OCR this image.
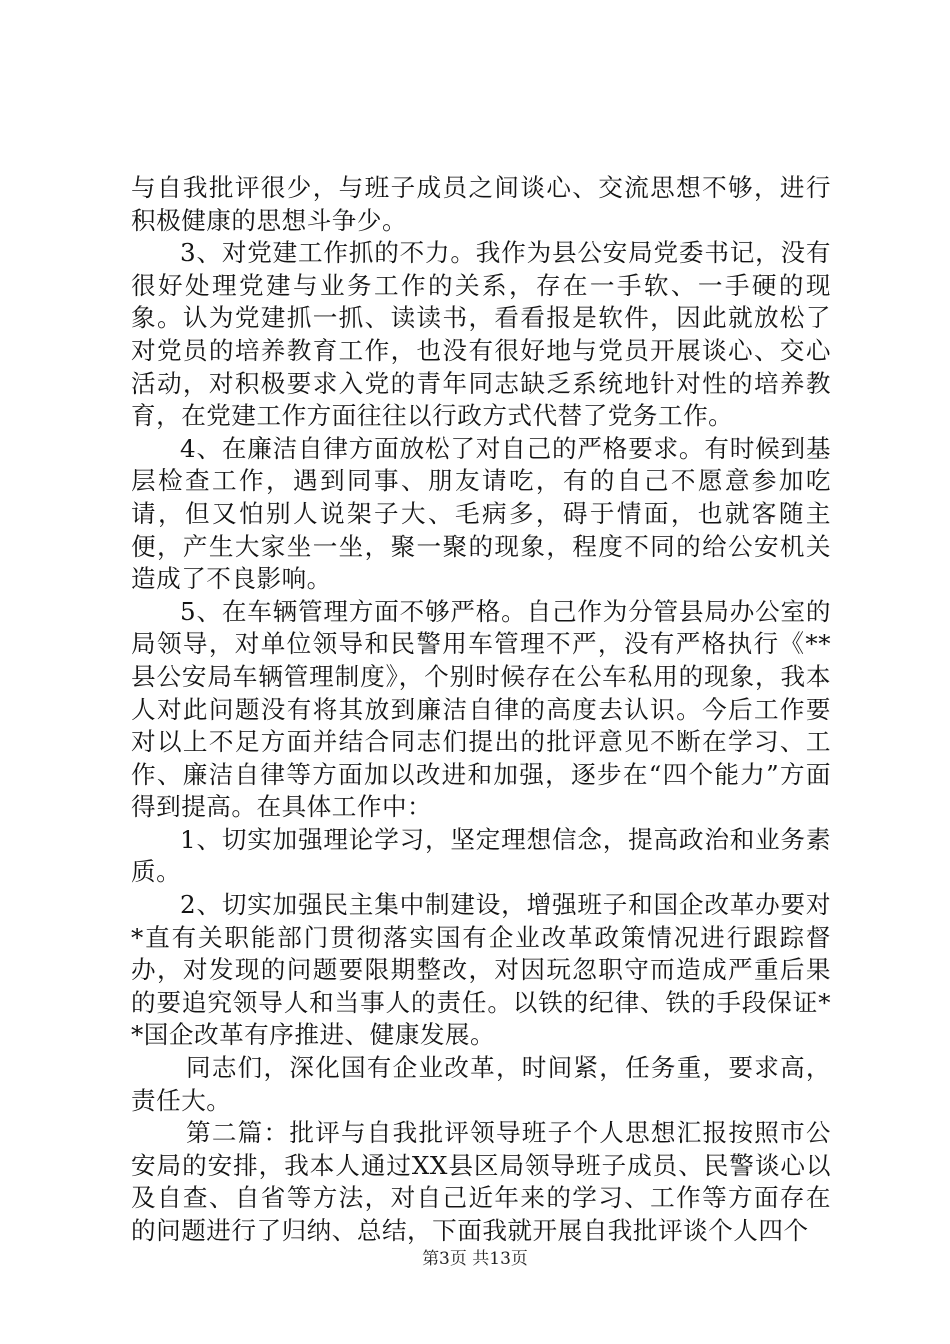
与自我批评很少，与班子成员之间谈心、交流思想不够，进行积极健康的思想斗争少。

3、对党建工作抓的不力。我作为县公安局党委书记，没有很好处理党建与业务工作的关系，存在一手软、一手硬的现象。认为党建抓一抓、读读书，看看报是软件，因此就放松了对党员的培养教育工作，也没有很好地与党员开展谈心、交心活动，对积极要求入党的青年同志缺乏系统地针对性的培养教育，在党建工作方面往往以行政方式代替了党务工作。

4、在廉洁自律方面放松了对自己的严格要求。有时候到基层检查工作，遇到同事、朋友请吃，有的自己不愿意参加吃请，但又怕别人说架子大、毛病多，碍于情面，也就客随主便，产生大家坐一坐，聚一聚的现象，程度不同的给公安机关造成了不良影响。

5、在车辆管理方面不够严格。自己作为分管县局办公室的局领导，对单位领导和民警用车管理不严，没有严格执行《**县公安局车辆管理制度》，个别时候存在公车私用的现象，我本人对此问题没有将其放到廉洁自律的高度去认识。今后工作要对以上不足方面并结合同志们提出的批评意见不断在学习、工作、廉洁自律等方面加以改进和加强，逐步在“四个能力”方面得到提高。在具体工作中：

1、切实加强理论学习，坚定理想信念，提高政治和业务素质。

2、切实加强民主集中制建设，增强班子和国企改革办要对*直有关职能部门贯彻落实国有企业改革政策情况进行跟踪督办，对发现的问题要限期整改，对因玩忽职守而造成严重后果的要追究领导人和当事人的责任。以铁的纪律、铁的手段保证**国企改革有序推进、健康发展。

同志们，深化国有企业改革，时间紧，任务重，要求高，责任大。

第二篇：批评与自我批评领导班子个人思想汇报按照市公安局的安排，我本人通过XX县区局领导班子成员、民警谈心以及自查、自省等方法，对自己近年来的学习、工作等方面存在的问题进行了归纳、总结，下面我就开展自我批评谈个人四个

第3页 共13页
